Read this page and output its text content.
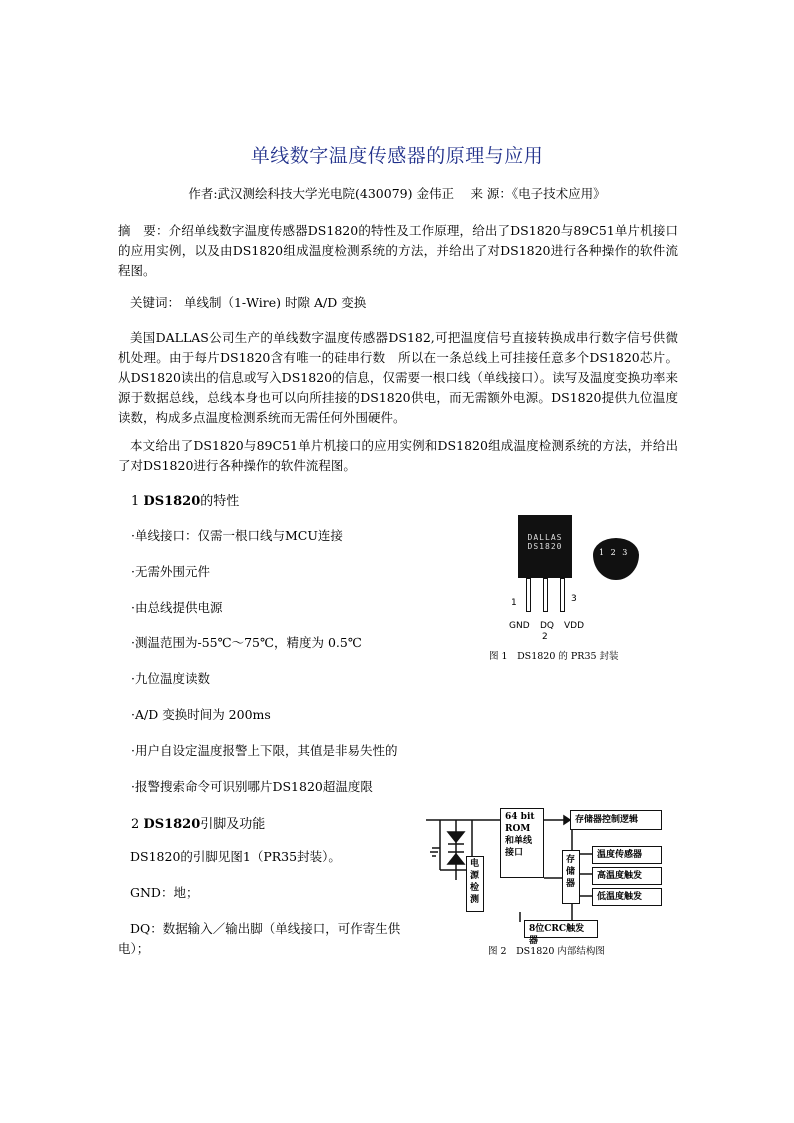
单线数字温度传感器的原理与应用
作者:武汉测绘科技大学光电院(430079) 金伟正　 来 源：《电子技术应用》

摘　要：介绍单线数字温度传感器DS1820的特性及工作原理，给出了DS1820与89C51单片机接口的应用实例，以及由DS1820组成温度检测系统的方法，并给出了对DS1820进行各种操作的软件流程图。

关键词： 单线制（1-Wire) 时隙 A/D 变换

美国DALLAS公司生产的单线数字温度传感器DS182,可把温度信号直接转换成串行数字信号供微机处理。由于每片DS1820含有唯一的硅串行数　所以在一条总线上可挂接任意多个DS1820芯片。从DS1820读出的信息或写入DS1820的信息，仅需要一根口线（单线接口）。读写及温度变换功率来源于数据总线，总线本身也可以向所挂接的DS1820供电，而无需额外电源。DS1820提供九位温度读数，构成多点温度检测系统而无需任何外围硬件。

本文给出了DS1820与89C51单片机接口的应用实例和DS1820组成温度检测系统的方法，并给出了对DS1820进行各种操作的软件流程图。

1 DS1820的特性
·单线接口：仅需一根口线与MCU连接
·无需外围元件
·由总线提供电源
·测温范围为-55℃～75℃，精度为 0.5℃
·九位温度读数
·A/D 变换时间为 200ms
·用户自设定温度报警上下限，其值是非易失性的
·报警搜索命令可识别哪片DS1820超温度限
2 DS1820引脚及功能

DS1820的引脚见图1（PR35封装）。

GND：地；

DQ：数据输入／输出脚（单线接口，可作寄生供电）；

DALLAS
DS1820
1 2 3
1	3
GND DQ VDD
2
图 1　DS1820 的 PR35 封装
64 bit
ROM
和单线
接口
电源检测
存储器
存储器控制逻辑
温度传感器
高温度触发
低温度触发
8位CRC触发器
图 2　DS1820 内部结构图
